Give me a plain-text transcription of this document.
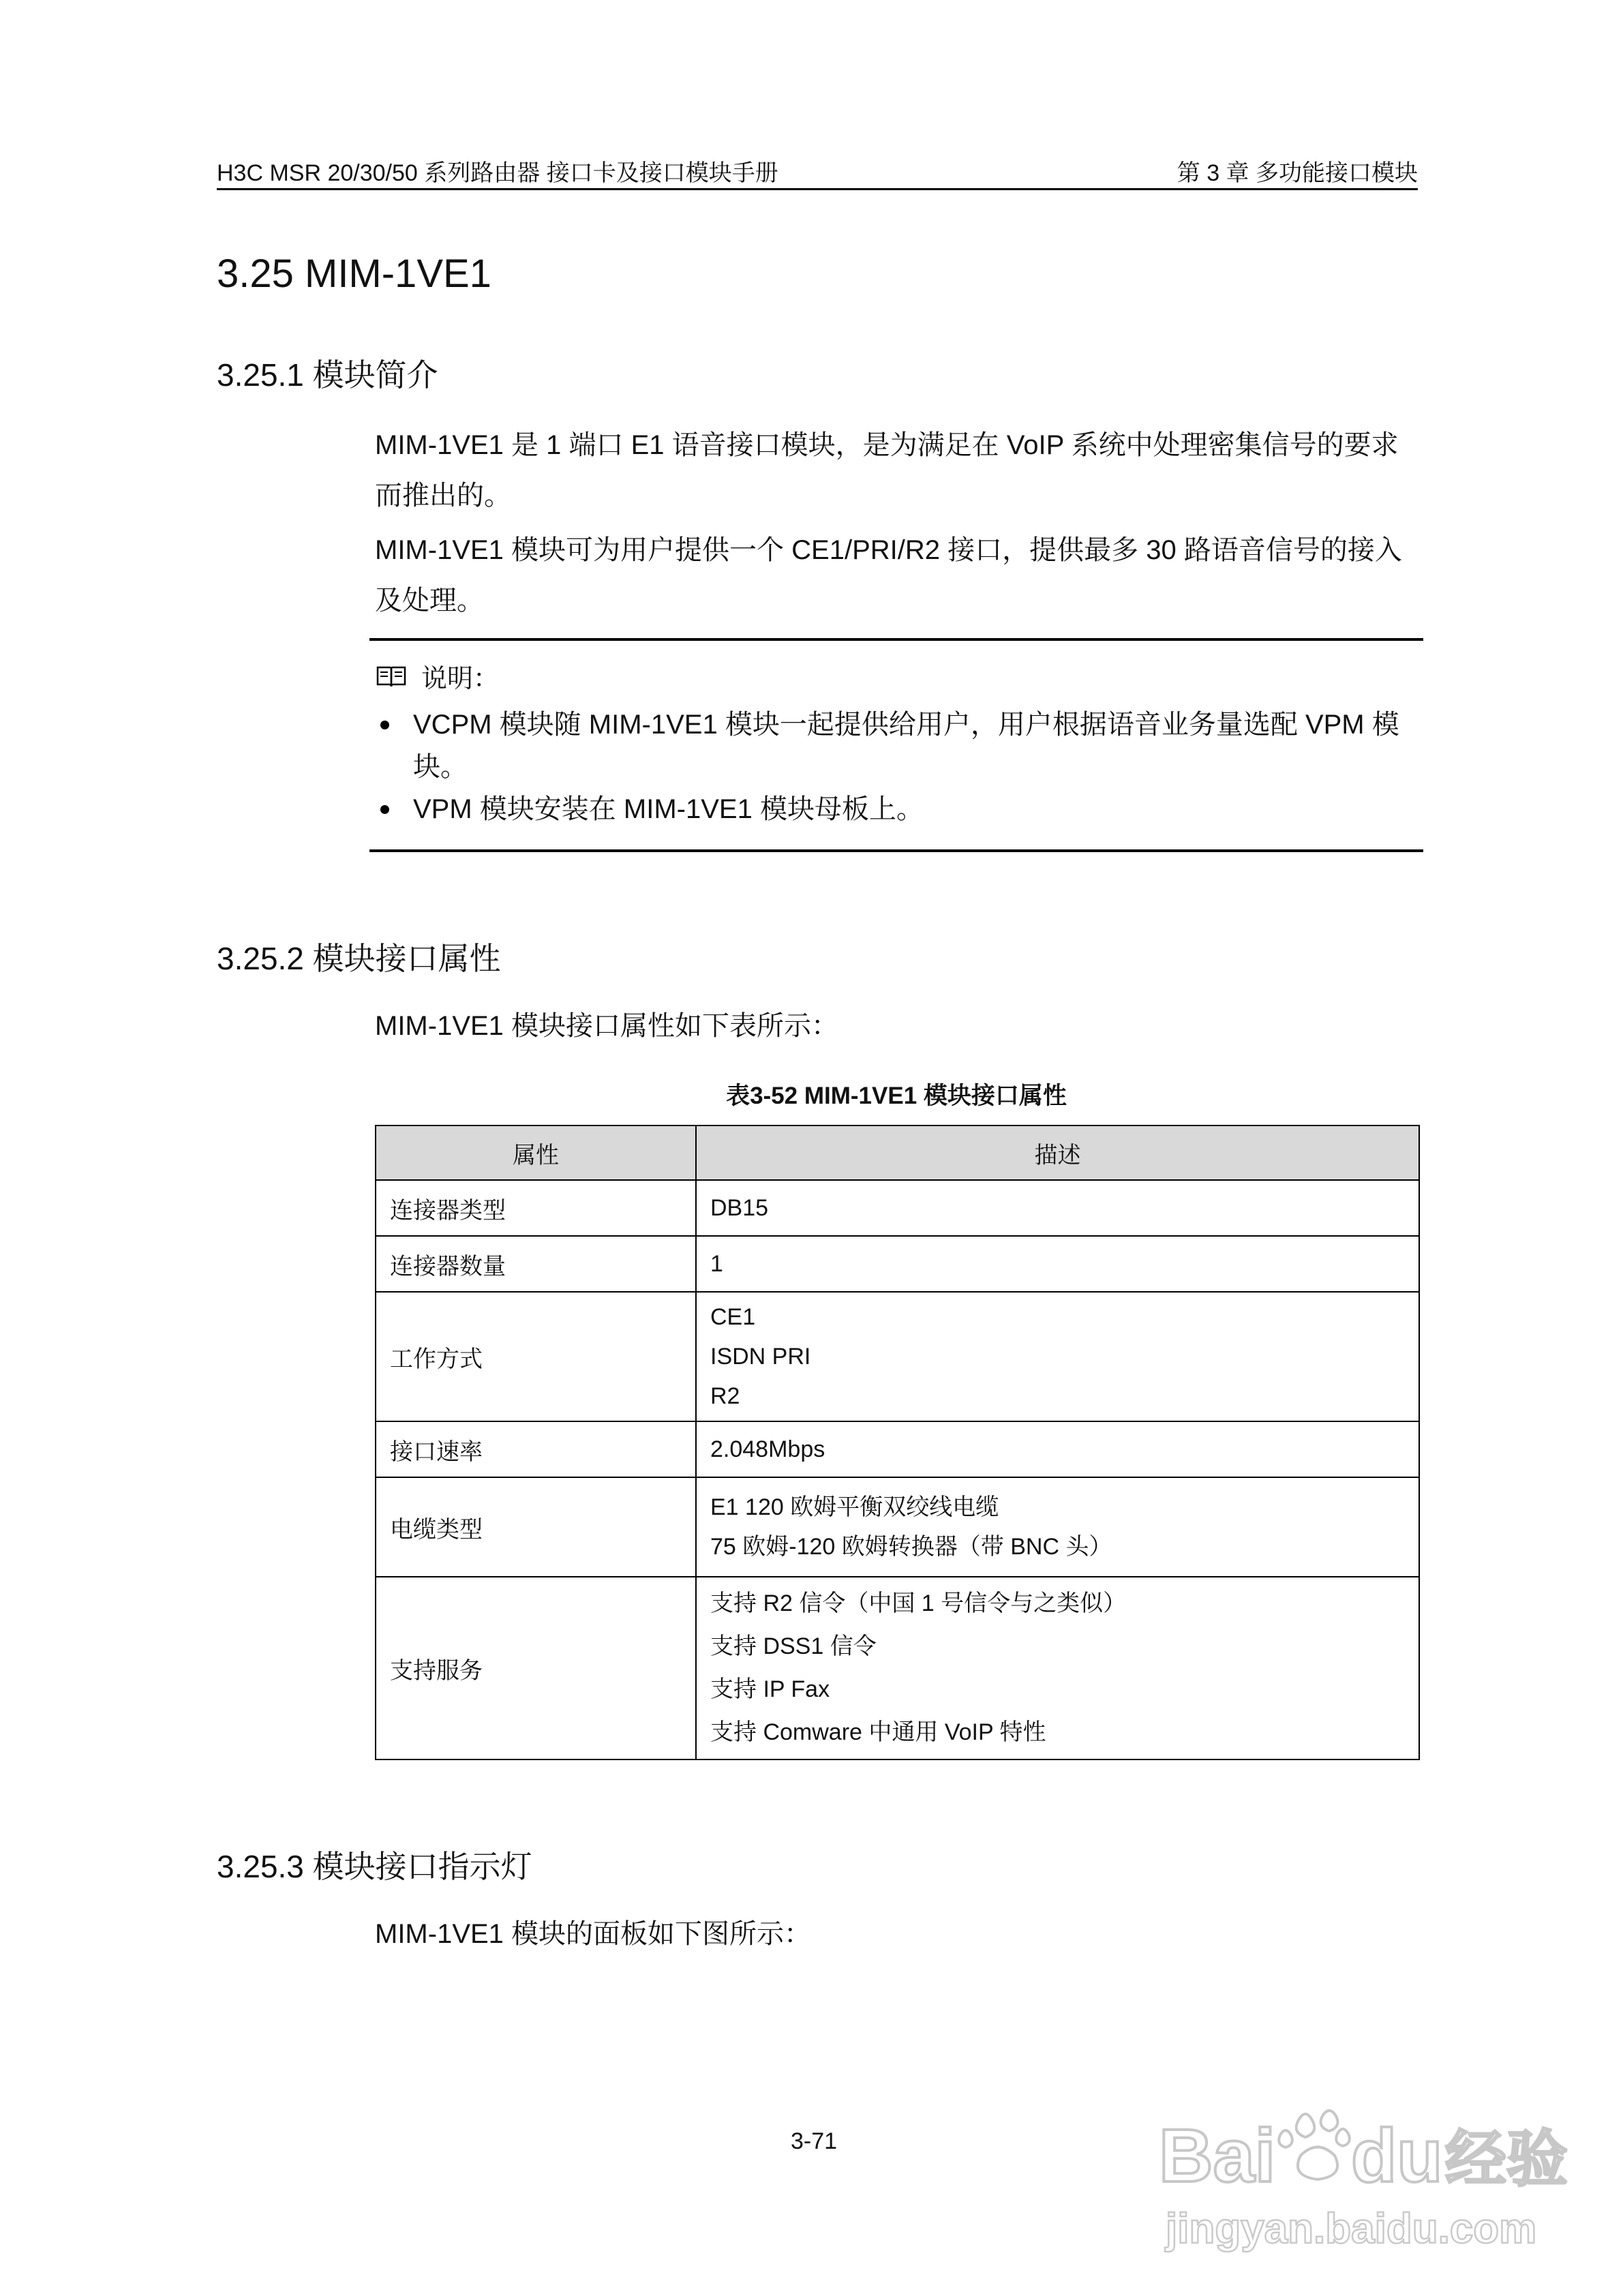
H3C MSR 20/30/50 系列路由器 接口卡及接口模块手册	第 3 章 多功能接口模块
3.25 MIM-1VE1
3.25.1 模块简介
MIM-1VE1 是 1 端口 E1 语音接口模块，是为满足在 VoIP 系统中处理密集信号的要求而推出的。
MIM-1VE1 模块可为用户提供一个 CE1/PRI/R2 接口，提供最多 30 路语音信号的接入及处理。
说明：
VCPM 模块随 MIM-1VE1 模块一起提供给用户，用户根据语音业务量选配 VPM 模块。
VPM 模块安装在 MIM-1VE1 模块母板上。
3.25.2 模块接口属性
MIM-1VE1 模块接口属性如下表所示：
表3-52 MIM-1VE1 模块接口属性
属性	描述
连接器类型	DB15

连接器数量	1

工作方式	CE1
ISDN PRI
R2

接口速率	2.048Mbps

电缆类型	E1 120 欧姆平衡双绞线电缆
75 欧姆-120 欧姆转换器（带 BNC 头）

支持服务	支持 R2 信令（中国 1 号信令与之类似）
支持 DSS1 信令
支持 IP Fax
支持 Comware 中通用 VoIP 特性
3.25.3 模块接口指示灯
MIM-1VE1 模块的面板如下图所示：
3-71	Bai du 经验
jingyan.baidu.com
